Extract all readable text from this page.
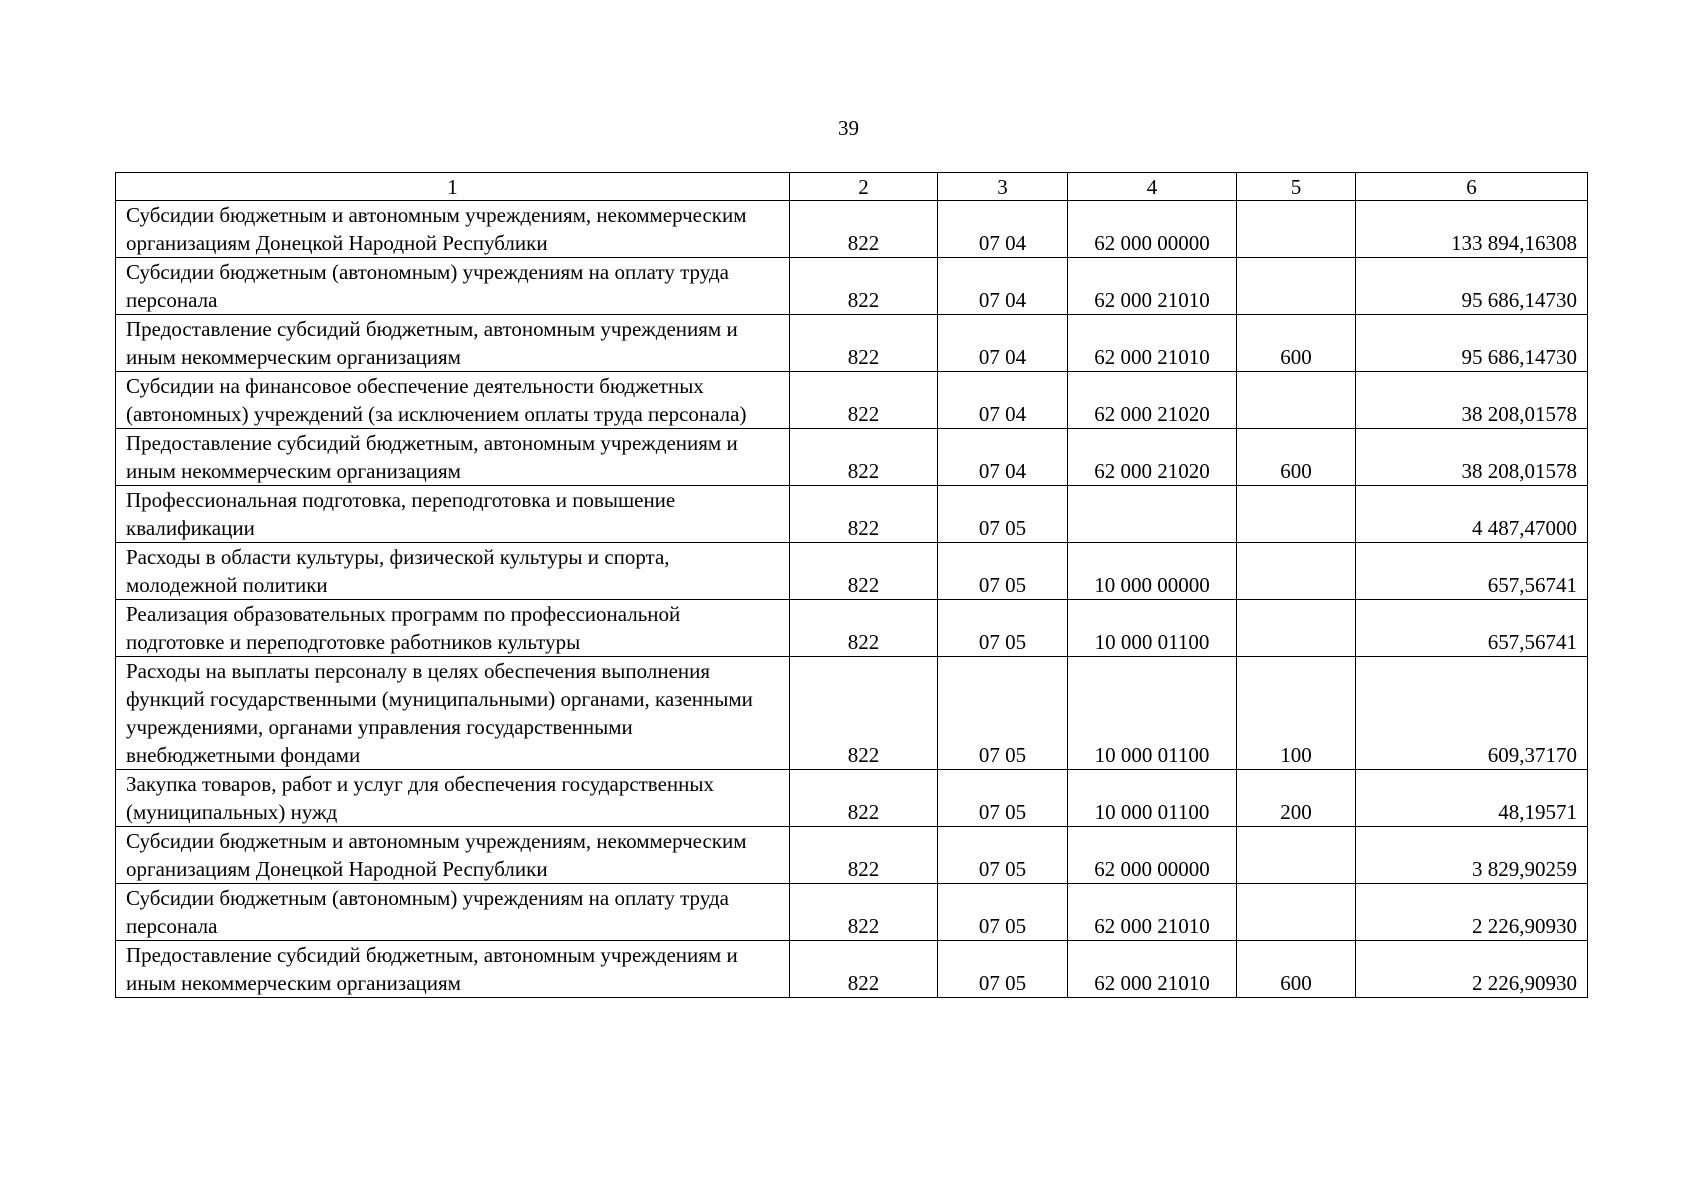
39
1	2	3	4	5	6
Субсидии бюджетным и автономным учреждениям, некоммерческим организациям Донецкой Народной Республики	822	07 04	62 000 00000		133 894,16308
Субсидии бюджетным (автономным) учреждениям на оплату труда персонала	822	07 04	62 000 21010		95 686,14730
Предоставление субсидий бюджетным, автономным учреждениям и иным некоммерческим организациям	822	07 04	62 000 21010	600	95 686,14730
Субсидии на финансовое обеспечение деятельности бюджетных (автономных) учреждений (за исключением оплаты труда персонала)	822	07 04	62 000 21020		38 208,01578
Предоставление субсидий бюджетным, автономным учреждениям и иным некоммерческим организациям	822	07 04	62 000 21020	600	38 208,01578
Профессиональная подготовка, переподготовка и повышение квалификации	822	07 05			4 487,47000
Расходы в области культуры, физической культуры и спорта, молодежной политики	822	07 05	10 000 00000		657,56741
Реализация образовательных программ по профессиональной подготовке и переподготовке работников культуры	822	07 05	10 000 01100		657,56741
Расходы на выплаты персоналу в целях обеспечения выполнения функций государственными (муниципальными) органами, казенными учреждениями, органами управления государственными внебюджетными фондами	822	07 05	10 000 01100	100	609,37170
Закупка товаров, работ и услуг для обеспечения государственных (муниципальных) нужд	822	07 05	10 000 01100	200	48,19571
Субсидии бюджетным и автономным учреждениям, некоммерческим организациям Донецкой Народной Республики	822	07 05	62 000 00000		3 829,90259
Субсидии бюджетным (автономным) учреждениям на оплату труда персонала	822	07 05	62 000 21010		2 226,90930
Предоставление субсидий бюджетным, автономным учреждениям и иным некоммерческим организациям	822	07 05	62 000 21010	600	2 226,90930
